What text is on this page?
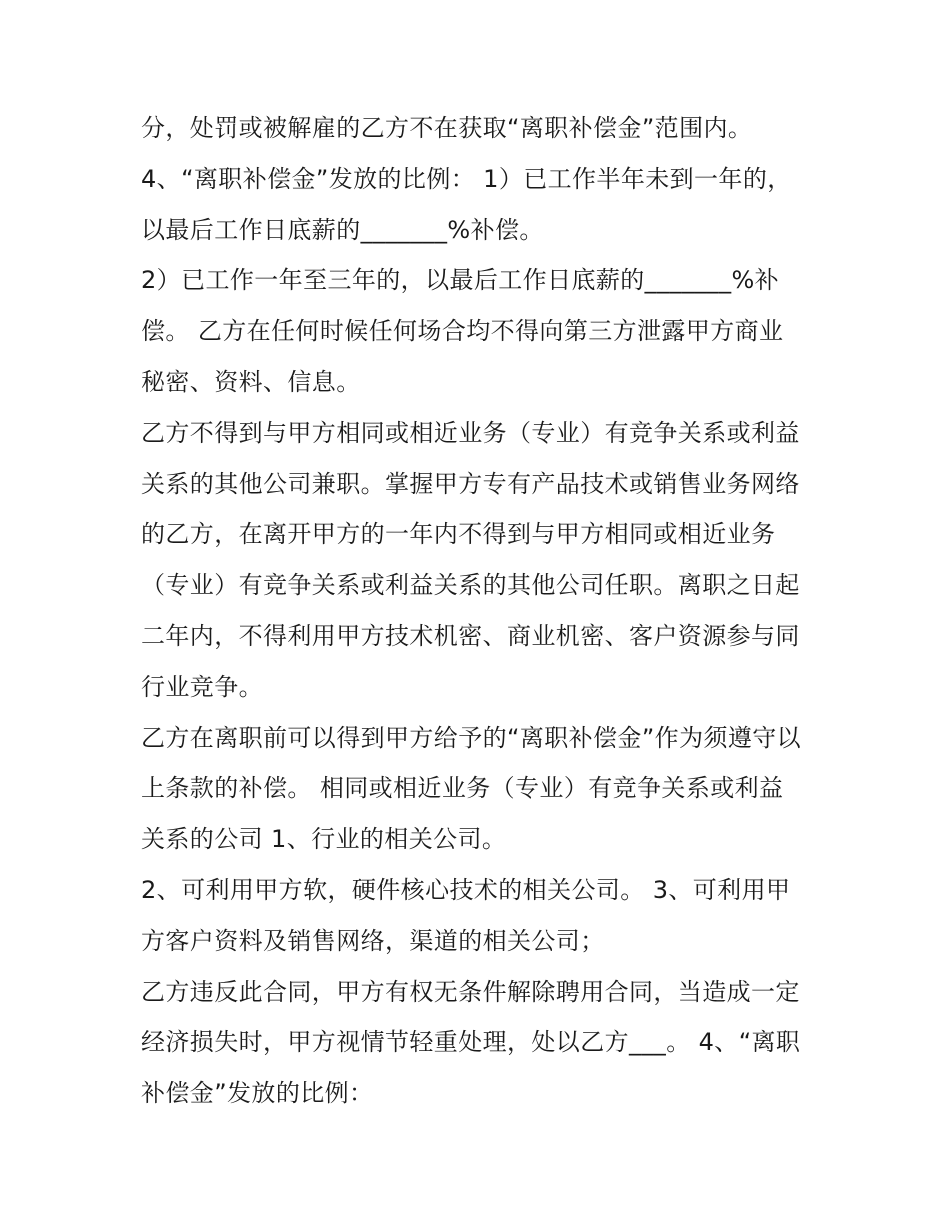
分，处罚或被解雇的乙方不在获取“离职补偿金”范围内。
4、“离职补偿金”发放的比例： 1）已工作半年未到一年的，
以最后工作日底薪的_______%补偿。
2）已工作一年至三年的，以最后工作日底薪的_______%补
偿。 乙方在任何时候任何场合均不得向第三方泄露甲方商业
秘密、资料、信息。
乙方不得到与甲方相同或相近业务（专业）有竞争关系或利益
关系的其他公司兼职。掌握甲方专有产品技术或销售业务网络
的乙方，在离开甲方的一年内不得到与甲方相同或相近业务
（专业）有竞争关系或利益关系的其他公司任职。离职之日起
二年内，不得利用甲方技术机密、商业机密、客户资源参与同
行业竞争。
乙方在离职前可以得到甲方给予的“离职补偿金”作为须遵守以
上条款的补偿。 相同或相近业务（专业）有竞争关系或利益
关系的公司 1、行业的相关公司。
2、可利用甲方软，硬件核心技术的相关公司。 3、可利用甲
方客户资料及销售网络，渠道的相关公司；
乙方违反此合同，甲方有权无条件解除聘用合同，当造成一定
经济损失时，甲方视情节轻重处理，处以乙方___。 4、“离职
补偿金”发放的比例：
